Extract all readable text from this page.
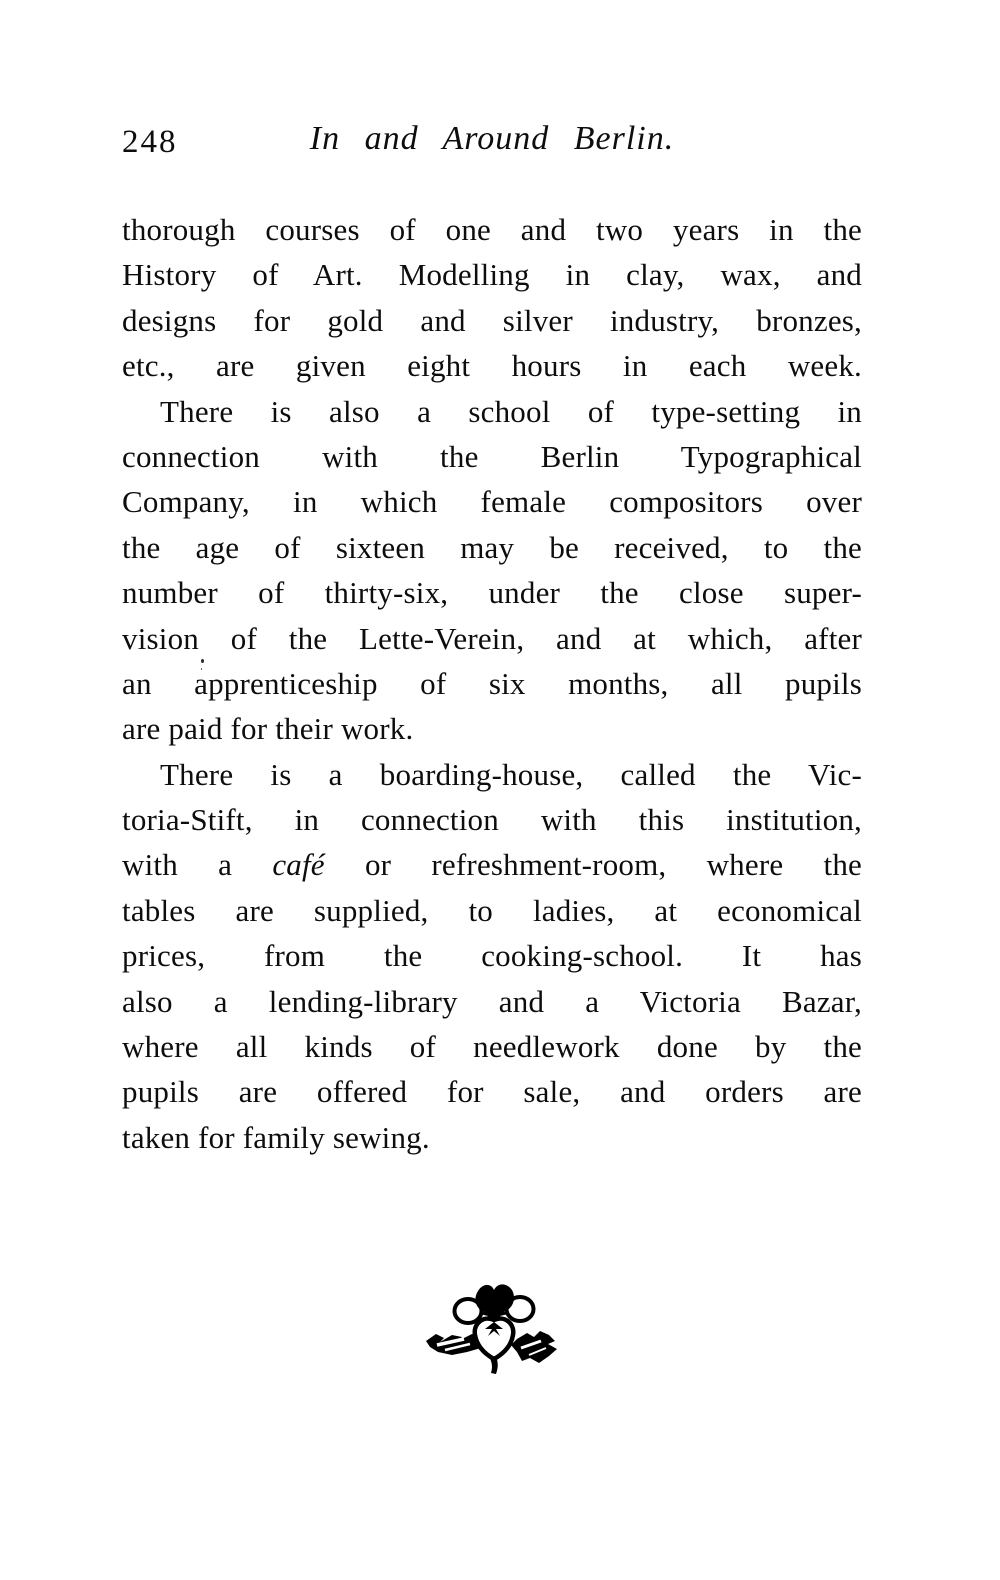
248	In and Around Berlin.
thorough courses of one and two years in the
History of Art. Modelling in clay, wax, and
designs for gold and silver industry, bronzes,
etc., are given eight hours in each week.
There is also a school of type-setting in
connection with the Berlin Typographical
Company, in which female compositors over
the age of sixteen may be received, to the
number of thirty-six, under the close super-
vision of the Lette-Verein, and at which, after
an apprenticeship of six months, all pupils
are paid for their work.
There is a boarding-house, called the Vic-
toria-Stift, in connection with this institution,
with a café or refreshment-room, where the
tables are supplied, to ladies, at economical
prices, from the cooking-school. It has
also a lending-library and a Victoria Bazar,
where all kinds of needlework done by the
pupils are offered for sale, and orders are
taken for family sewing.
